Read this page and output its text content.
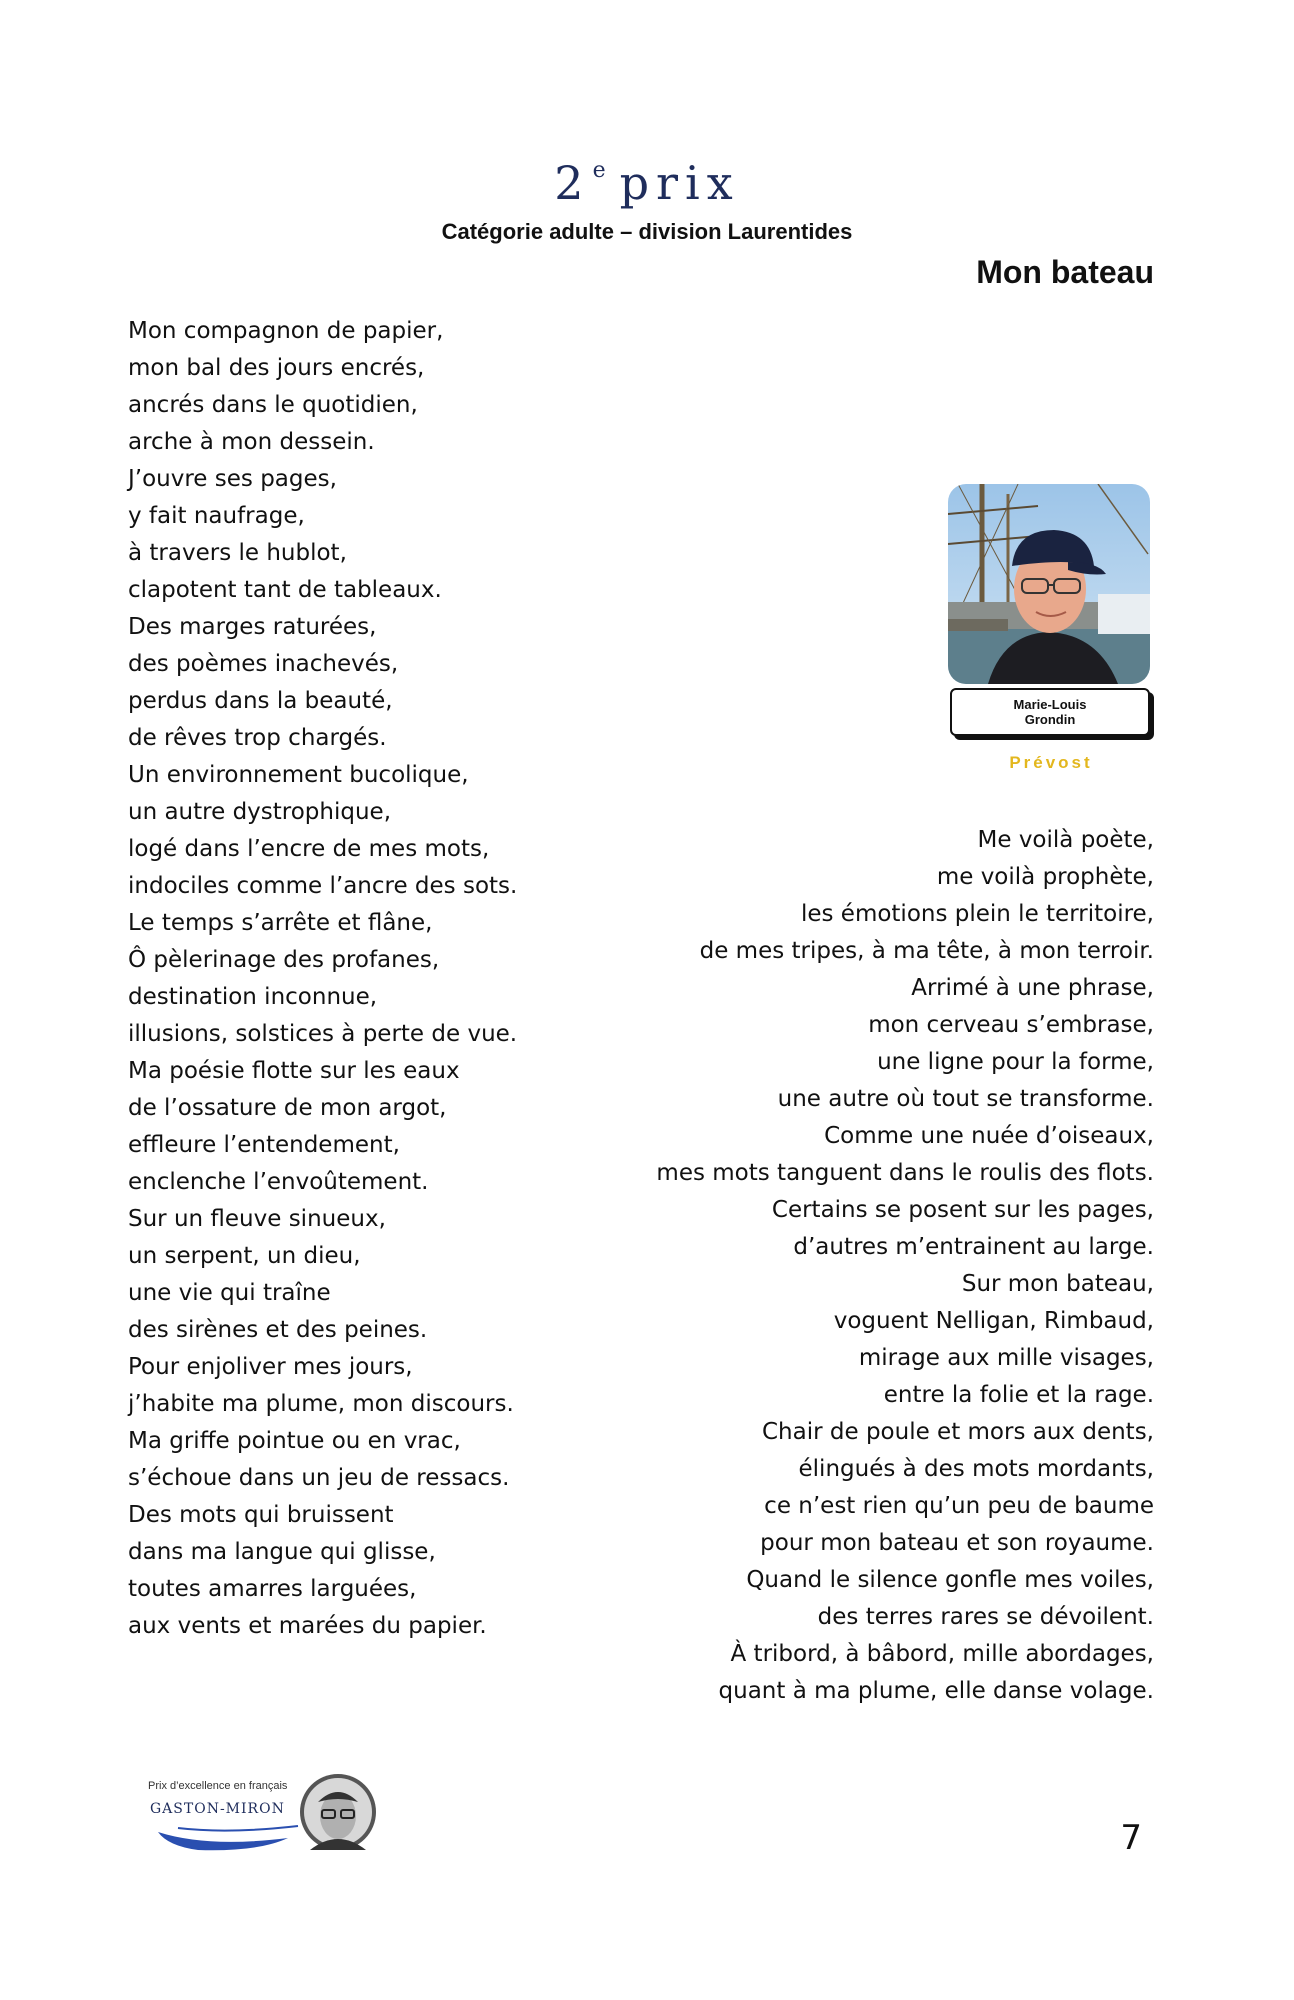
2e prix
Catégorie adulte – division Laurentides
Mon bateau
Mon compagnon de papier,
mon bal des jours encrés,
ancrés dans le quotidien,
arche à mon dessein.
J’ouvre ses pages,
y fait naufrage,
à travers le hublot,
clapotent tant de tableaux.
Des marges raturées,
des poèmes inachevés,
perdus dans la beauté,
de rêves trop chargés.
Un environnement bucolique,
un autre dystrophique,
logé dans l’encre de mes mots,
indociles comme l’ancre des sots.
Le temps s’arrête et flâne,
Ô pèlerinage des profanes,
destination inconnue,
illusions, solstices à perte de vue.
Ma poésie flotte sur les eaux
de l’ossature de mon argot,
effleure l’entendement,
enclenche l’envoûtement.
Sur un fleuve sinueux,
un serpent, un dieu,
une vie qui traîne
des sirènes et des peines.
Pour enjoliver mes jours,
j’habite ma plume, mon discours.
Ma griffe pointue ou en vrac,
s’échoue dans un jeu de ressacs.
Des mots qui bruissent
dans ma langue qui glisse,
toutes amarres larguées,
aux vents et marées du papier.
Me voilà poète,
me voilà prophète,
les émotions plein le territoire,
de mes tripes, à ma tête, à mon terroir.
Arrimé à une phrase,
mon cerveau s’embrase,
une ligne pour la forme,
une autre où tout se transforme.
Comme une nuée d’oiseaux,
mes mots tanguent dans le roulis des flots.
Certains se posent sur les pages,
d’autres m’entrainent au large.
Sur mon bateau,
voguent Nelligan, Rimbaud,
mirage aux mille visages,
entre la folie et la rage.
Chair de poule et mors aux dents,
élingués à des mots mordants,
ce n’est rien qu’un peu de baume
pour mon bateau et son royaume.
Quand le silence gonfle mes voiles,
des terres rares se dévoilent.
À tribord, à bâbord, mille abordages,
quant à ma plume, elle danse volage.
Marie-Louis
Grondin
Prévost
Prix d’excellence en français
GASTON-MIRON
7
